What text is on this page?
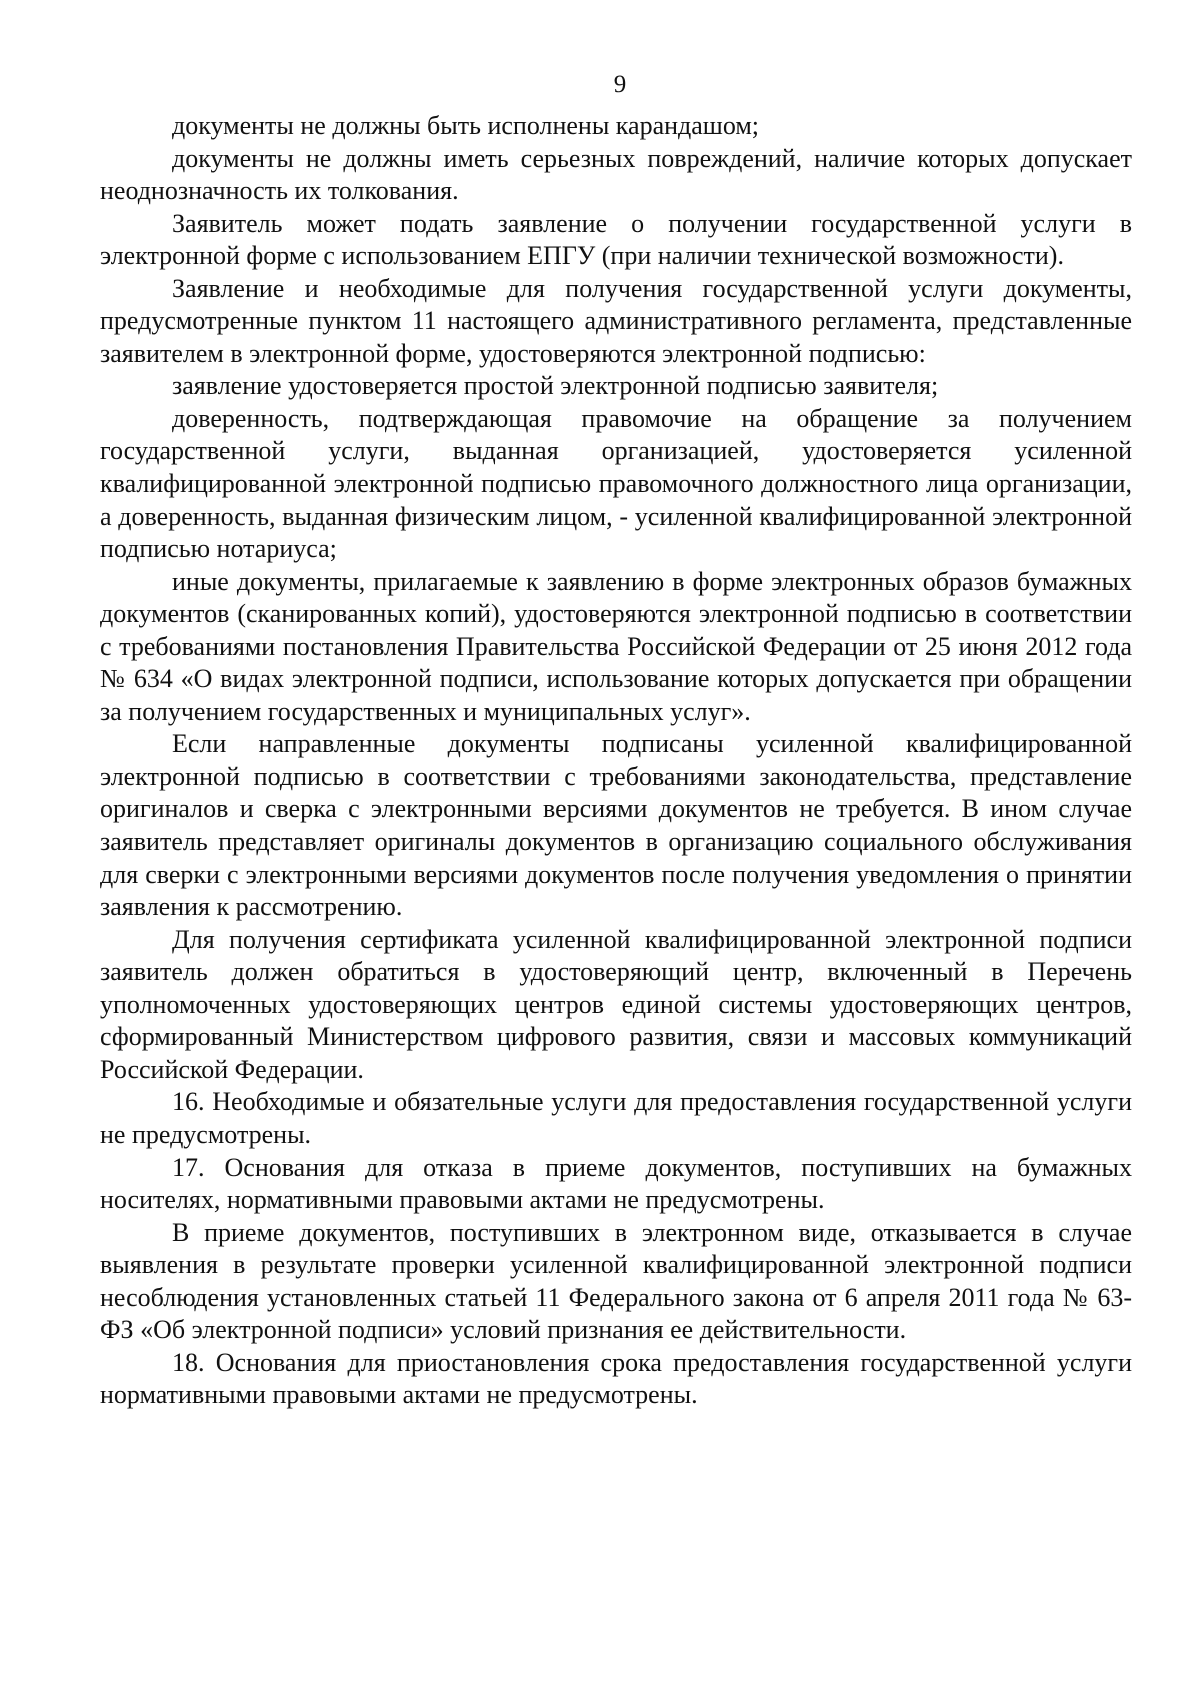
9

документы не должны быть исполнены карандашом;

документы не должны иметь серьезных повреждений, наличие которых допускает неоднозначность их толкования.

Заявитель может подать заявление о получении государственной услуги в электронной форме с использованием ЕПГУ (при наличии технической возможности).

Заявление и необходимые для получения государственной услуги документы, предусмотренные пунктом 11 настоящего административного регламента, представленные заявителем в электронной форме, удостоверяются электронной подписью:

заявление удостоверяется простой электронной подписью заявителя;

доверенность, подтверждающая правомочие на обращение за получением государственной услуги, выданная организацией, удостоверяется усиленной квалифицированной электронной подписью правомочного должностного лица организации, а доверенность, выданная физическим лицом, - усиленной квалифицированной электронной подписью нотариуса;

иные документы, прилагаемые к заявлению в форме электронных образов бумажных документов (сканированных копий), удостоверяются электронной подписью в соответствии с требованиями постановления Правительства Российской Федерации от 25 июня 2012 года № 634 «О видах электронной подписи, использование которых допускается при обращении за получением государственных и муниципальных услуг».

Если направленные документы подписаны усиленной квалифицированной электронной подписью в соответствии с требованиями законодательства, представление оригиналов и сверка с электронными версиями документов не требуется. В ином случае заявитель представляет оригиналы документов в организацию социального обслуживания для сверки с электронными версиями документов после получения уведомления о принятии заявления к рассмотрению.

Для получения сертификата усиленной квалифицированной электронной подписи заявитель должен обратиться в удостоверяющий центр, включенный в Перечень уполномоченных удостоверяющих центров единой системы удостоверяющих центров, сформированный Министерством цифрового развития, связи и массовых коммуникаций Российской Федерации.

16. Необходимые и обязательные услуги для предоставления государственной услуги не предусмотрены.

17. Основания для отказа в приеме документов, поступивших на бумажных носителях, нормативными правовыми актами не предусмотрены.

В приеме документов, поступивших в электронном виде, отказывается в случае выявления в результате проверки усиленной квалифицированной электронной подписи несоблюдения установленных статьей 11 Федерального закона от 6 апреля 2011 года № 63-ФЗ «Об электронной подписи» условий признания ее действительности.

18. Основания для приостановления срока предоставления государственной услуги нормативными правовыми актами не предусмотрены.
